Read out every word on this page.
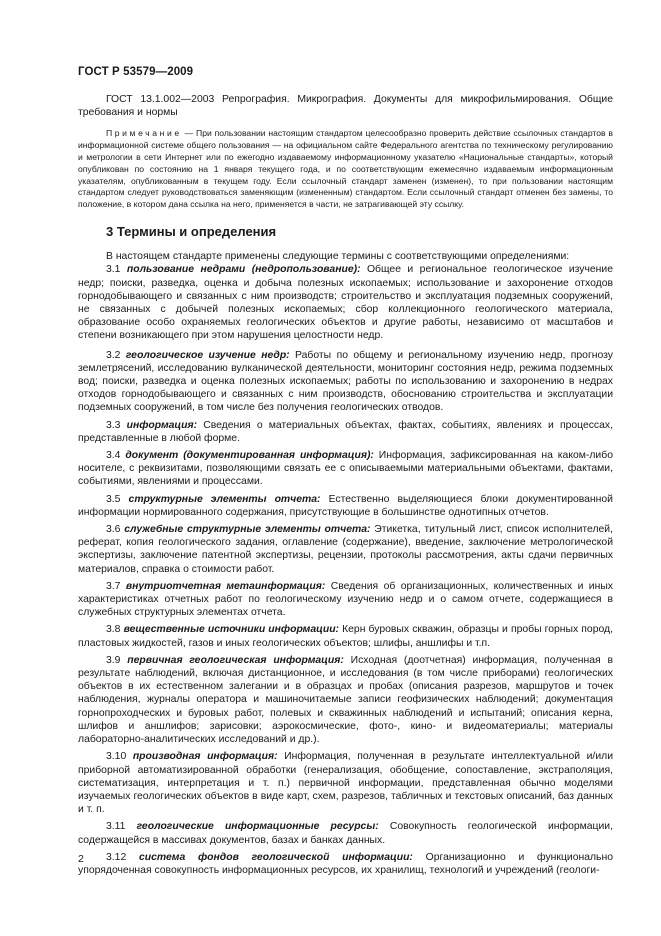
ГОСТ Р 53579—2009

ГОСТ 13.1.002—2003 Репрография. Микрография. Документы для микрофильмирования. Общие требования и нормы

Примечание — При пользовании настоящим стандартом целесообразно проверить действие ссылочных стандартов в информационной системе общего пользования — на официальном сайте Федерального агентства по техническому регулированию и метрологии в сети Интернет или по ежегодно издаваемому информационному указателю «Национальные стандарты», который опубликован по состоянию на 1 января текущего года, и по соответствующим ежемесячно издаваемым информационным указателям, опубликованным в текущем году. Если ссылочный стандарт заменен (изменен), то при пользовании настоящим стандартом следует руководствоваться заменяющим (измененным) стандартом. Если ссылочный стандарт отменен без замены, то положение, в котором дана ссылка на него, применяется в части, не затрагивающей эту ссылку.

3 Термины и определения

В настоящем стандарте применены следующие термины с соответствующими определениями:

3.1 пользование недрами (недропользование): Общее и региональное геологическое изучение недр; поиски, разведка, оценка и добыча полезных ископаемых; использование и захоронение отходов горнодобывающего и связанных с ним производств; строительство и эксплуатация подземных сооружений, не связанных с добычей полезных ископаемых; сбор коллекционного геологического материала, образование особо охраняемых геологических объектов и другие работы, независимо от масштабов и степени возникающего при этом нарушения целостности недр.

3.2 геологическое изучение недр: Работы по общему и региональному изучению недр, прогнозу землетрясений, исследованию вулканической деятельности, мониторинг состояния недр, режима подземных вод; поиски, разведка и оценка полезных ископаемых; работы по использованию и захоронению в недрах отходов горнодобывающего и связанных с ним производств, обоснованию строительства и эксплуатации подземных сооружений, в том числе без получения геологических отводов.

3.3 информация: Сведения о материальных объектах, фактах, событиях, явлениях и процессах, представленные в любой форме.

3.4 документ (документированная информация): Информация, зафиксированная на каком-либо носителе, с реквизитами, позволяющими связать ее с описываемыми материальными объектами, фактами, событиями, явлениями и процессами.

3.5 структурные элементы отчета: Естественно выделяющиеся блоки документированной информации нормированного содержания, присутствующие в большинстве однотипных отчетов.

3.6 служебные структурные элементы отчета: Этикетка, титульный лист, список исполнителей, реферат, копия геологического задания, оглавление (содержание), введение, заключение метрологической экспертизы, заключение патентной экспертизы, рецензии, протоколы рассмотрения, акты сдачи первичных материалов, справка о стоимости работ.

3.7 внутриотчетная метаинформация: Сведения об организационных, количественных и иных характеристиках отчетных работ по геологическому изучению недр и о самом отчете, содержащиеся в служебных структурных элементах отчета.

3.8 вещественные источники информации: Керн буровых скважин, образцы и пробы горных пород, пластовых жидкостей, газов и иных геологических объектов; шлифы, аншлифы и т.п.

3.9 первичная геологическая информация: Исходная (доотчетная) информация, полученная в результате наблюдений, включая дистанционное, и исследования (в том числе приборами) геологических объектов в их естественном залегании и в образцах и пробах (описания разрезов, маршрутов и точек наблюдения, журналы оператора и машиночитаемые записи геофизических наблюдений; документация горнопроходческих и буровых работ, полевых и скважинных наблюдений и испытаний; описания керна, шлифов и аншлифов; зарисовки; аэрокосмические, фото-, кино- и видеоматериалы; материалы лабораторно-аналитических исследований и др.).

3.10 производная информация: Информация, полученная в результате интеллектуальной и/или приборной автоматизированной обработки (генерализация, обобщение, сопоставление, экстраполяция, систематизация, интерпретация и т. п.) первичной информации, представленная обычно моделями изучаемых геологических объектов в виде карт, схем, разрезов, табличных и текстовых описаний, баз данных и т. п.

3.11 геологические информационные ресурсы: Совокупность геологической информации, содержащейся в массивах документов, базах и банках данных.

3.12 система фондов геологической информации: Организационно и функционально упорядоченная совокупность информационных ресурсов, их хранилищ, технологий и учреждений (геологи-

2
